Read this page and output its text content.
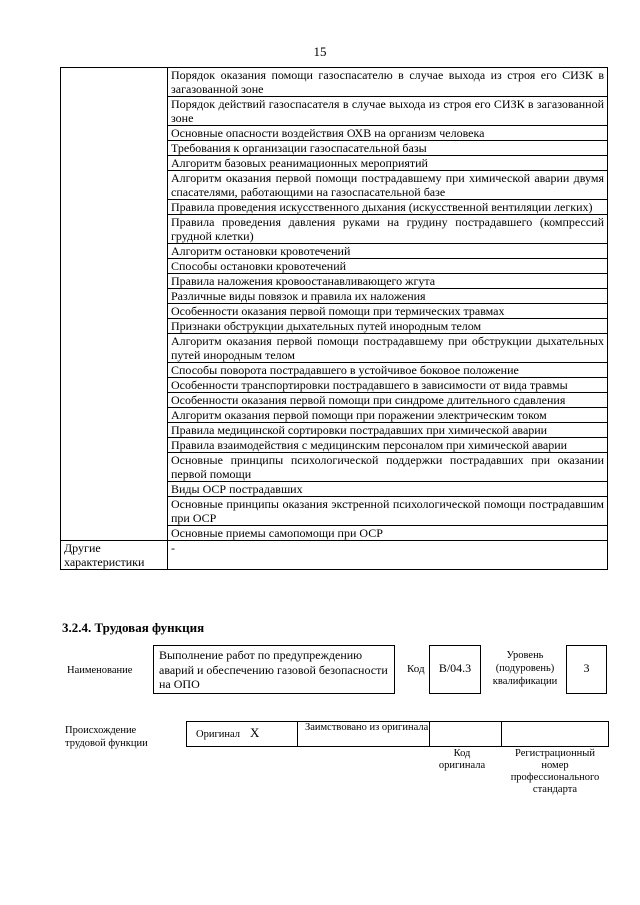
15
	Порядок оказания помощи газоспасателю в случае выхода из строя его СИЗК в загазованной зоне
	Порядок действий газоспасателя в случае выхода из строя его СИЗК в загазованной зоне
	Основные опасности воздействия ОХВ на организм человека
	Требования к организации газоспасательной базы
	Алгоритм базовых реанимационных мероприятий
	Алгоритм оказания первой помощи пострадавшему при химической аварии двумя спасателями, работающими на газоспасательной базе
	Правила проведения искусственного дыхания (искусственной вентиляции легких)
	Правила проведения давления руками на грудину пострадавшего (компрессий грудной клетки)
	Алгоритм остановки кровотечений
	Способы остановки кровотечений
	Правила наложения кровоостанавливающего жгута
	Различные виды повязок и правила их наложения
	Особенности оказания первой помощи при термических травмах
	Признаки обструкции дыхательных путей инородным телом
	Алгоритм оказания первой помощи пострадавшему при обструкции дыхательных путей инородным телом
	Способы поворота пострадавшего в устойчивое боковое положение
	Особенности транспортировки пострадавшего в зависимости от вида травмы
	Особенности оказания первой помощи при синдроме длительного сдавления
	Алгоритм оказания первой помощи при поражении электрическим током
	Правила медицинской сортировки пострадавших при химической аварии
	Правила взаимодействия с медицинским персоналом при химической аварии
	Основные принципы психологической поддержки пострадавших при оказании первой помощи
	Виды ОСР пострадавших
	Основные принципы оказания экстренной психологической помощи пострадавшим при ОСР
	Основные приемы самопомощи при ОСР
Другие характеристики	-
3.2.4. Трудовая функция
Наименование
Выполнение работ по предупреждению аварий и обеспечению газовой безопасности на ОПО
Код	B/04.3
Уровень (подуровень) квалификации
3
Происхождение трудовой функции
Оригинал X	Заимствовано из оригинала
Код оригинала
Регистрационный номер профессионального стандарта
